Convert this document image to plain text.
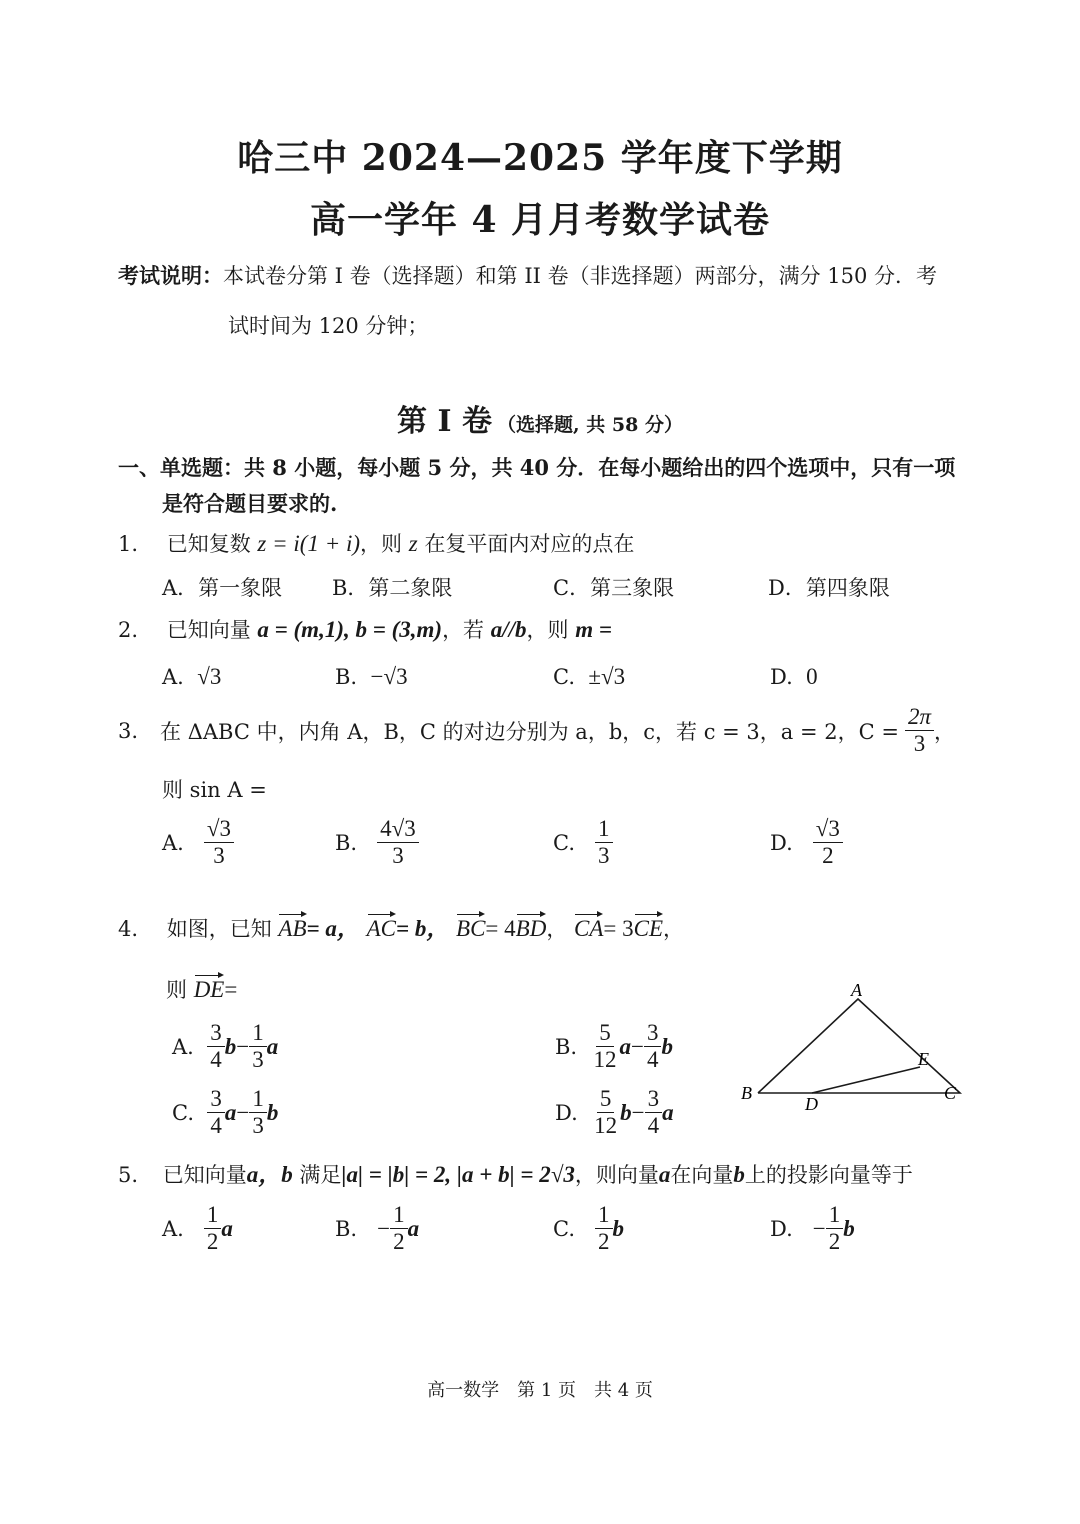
哈三中 2024—2025 学年度下学期
高一学年 4 月月考数学试卷
考试说明：本试卷分第 I 卷（选择题）和第 II 卷（非选择题）两部分，满分 150 分．考
试时间为 120 分钟；
第 I 卷 （选择题, 共 58 分）
一、单选题：共 8 小题，每小题 5 分，共 40 分．在每小题给出的四个选项中，只有一项
是符合题目要求的.
1. 已知复数 z = i(1 + i)，则 z 在复平面内对应的点在
A．第一象限 B．第二象限	C．第三象限	D．第四象限
2. 已知向量 a = (m,1), b = (3,m)，若 a//b，则 m =
A. √3	B. −√3	C. ±√3	D. 0
3. 在 ΔABC 中，内角 A，B，C 的对边分别为 a，b，c，若 c = 3，a = 2，$C = \frac{2\pi}{3}$ ，
则 sin A =
A.
$\frac{√3}{3}$	B.
$\frac{4√3}{3}$	C.
$\frac{1}{3}$	D.
$\frac{√3}{2}$
4. 如图，已知 AB= a， AC= b， BC= 4BD， CA= 3CE，
则 DE=
A.
$\frac{3}{4}$ $b - \frac{1}{3}$ a	B.
$\frac{5}{12}$ $a - \frac{3}{4}$ b
C.
$\frac{3}{4}$ $a - \frac{1}{3}$ b	D.
$\frac{5}{12}$ $b - \frac{3}{4}$ a
A
B	C
D
E
5. 已知向量a，b 满足|a| = |b| = 2, |a + b| = 2√3，则向量a在向量b上的投影向量等于
A.
$\frac{1}{2}$ a	B.
− $\frac{1}{2}$ a	C.
$\frac{1}{2}$ b	D.
− $\frac{1}{2}$ b
高一数学　第 1 页　共 4 页
